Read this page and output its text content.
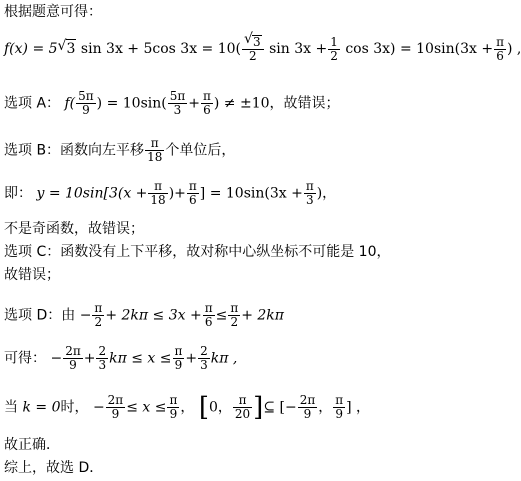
根据题意可得：
f(x) = 5 √ 3 sin 3x + 5cos $3x = 10( \frac{√ 3}{2}$ $\sin 3x + \frac{1}{2}$ $\cos 3x) = 10\sin(3x + \frac{\pi}{6}$ ) ,
选项 A： $f( \frac{5\pi}{9}$ ) = $10\sin( \frac{5\pi}{3} + \frac{\pi}{6}$ ) ≠ ±10，故错误；
选项 B：函数向左平移 $\frac{\pi}{18}$ 个单位后，
即： $y = 10\sin[3(x + \frac{\pi}{18}$ )+ $\frac{\pi}{6}$ ] = $10\sin(3x + \frac{\pi}{3}$ )，
不是奇函数，故错误；
选项 C：函数没有上下平移，故对称中心纵坐标不可能是 10，
故错误；
选项 D：由 − $\frac{\pi}{2} + 2k\pi \le 3x + \frac{\pi}{6} \le \frac{\pi}{2} + 2k\pi$
可得： − $\frac{2\pi}{9} + \frac{2}{3}$ $k\pi \le x \le \frac{\pi}{9} + \frac{2}{3}$ kπ ,
当 k = 0时， − $\frac{2\pi}{9} \le x \le \frac{\pi}{9}$ ， [0， $\frac{\pi}{20}$ ]⊆ [− $\frac{2\pi}{9}$ ， $\frac{\pi}{9}$ ] ，
故正确．
综上，故选 D．
